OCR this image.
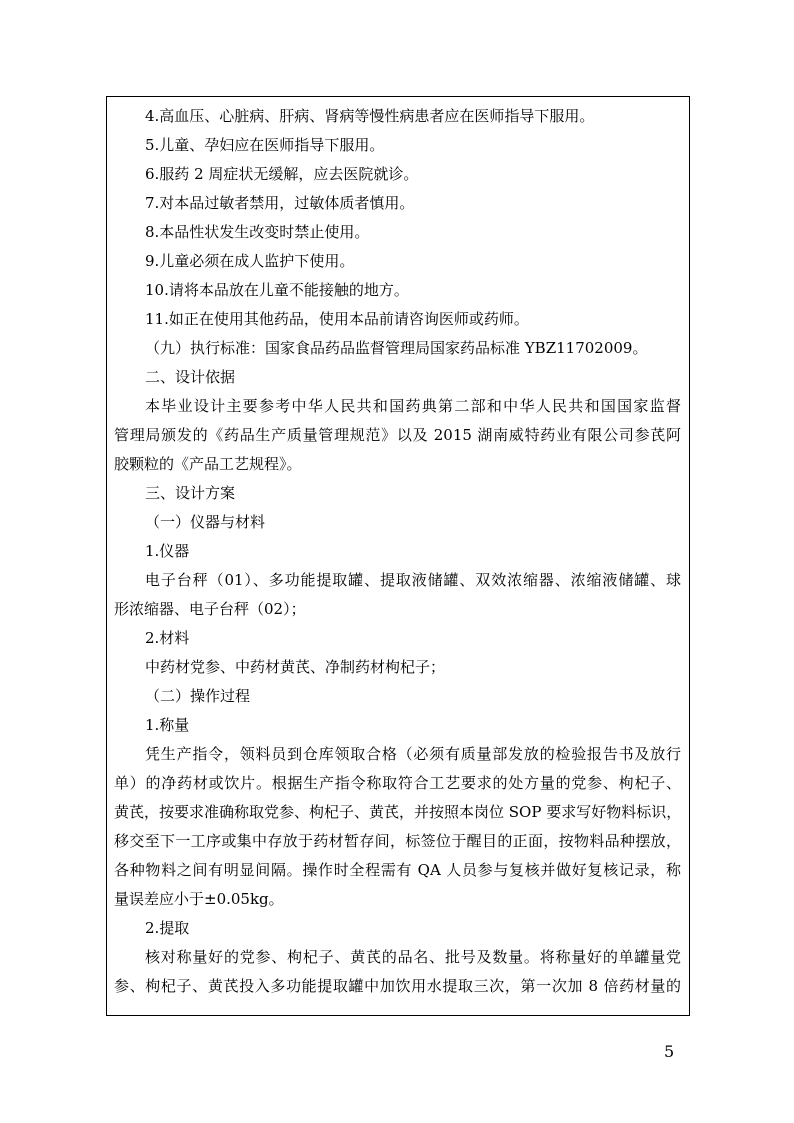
4.高血压、心脏病、肝病、肾病等慢性病患者应在医师指导下服用。
5.儿童、孕妇应在医师指导下服用。
6.服药 2 周症状无缓解，应去医院就诊。
7.对本品过敏者禁用，过敏体质者慎用。
8.本品性状发生改变时禁止使用。
9.儿童必须在成人监护下使用。
10.请将本品放在儿童不能接触的地方。
11.如正在使用其他药品，使用本品前请咨询医师或药师。
（九）执行标准：国家食品药品监督管理局国家药品标准 YBZ11702009。
二、设计依据
本毕业设计主要参考中华人民共和国药典第二部和中华人民共和国国家监督
管理局颁发的《药品生产质量管理规范》以及 2015 湖南威特药业有限公司参芪阿
胶颗粒的《产品工艺规程》。
三、设计方案
（一）仪器与材料
1.仪器
电子台秤（01）、多功能提取罐、提取液储罐、双效浓缩器、浓缩液储罐、球
形浓缩器、电子台秤（02）；
2.材料
中药材党参、中药材黄芪、净制药材枸杞子；
（二）操作过程
1.称量
凭生产指令，领料员到仓库领取合格（必须有质量部发放的检验报告书及放行
单）的净药材或饮片。根据生产指令称取符合工艺要求的处方量的党参、枸杞子、
黄芪，按要求准确称取党参、枸杞子、黄芪，并按照本岗位 SOP 要求写好物料标识，
移交至下一工序或集中存放于药材暂存间，标签位于醒目的正面，按物料品种摆放，
各种物料之间有明显间隔。操作时全程需有 QA 人员参与复核并做好复核记录，称
量误差应小于±0.05kg。
2.提取
核对称量好的党参、枸杞子、黄芪的品名、批号及数量。将称量好的单罐量党
参、枸杞子、黄芪投入多功能提取罐中加饮用水提取三次，第一次加 8 倍药材量的
5
